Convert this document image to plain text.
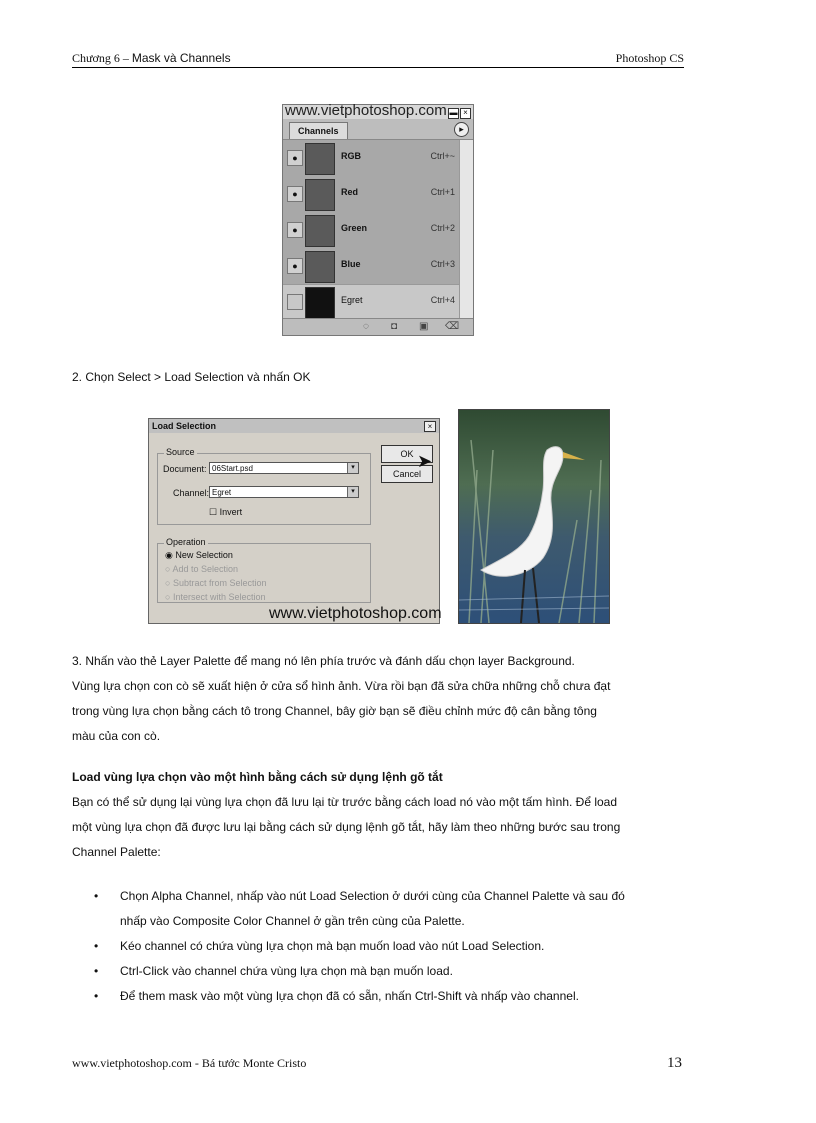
Chương 6 – Mask và Channels	Photoshop CS
www.vietphotoshop.com ▬ ×
Channels	▸
●	RGB	Ctrl+~
●	Red	Ctrl+1
●	Green	Ctrl+2
●	Blue	Ctrl+3
Egret	Ctrl+4
◌ ◘ ▣ ⌫
2. Chọn Select > Load Selection và nhấn OK
Load Selection	×
Source
Document: 06Start.psd	▾
Channel: Egret	▾
☐ Invert
Operation
◉ New Selection
○ Add to Selection
○ Subtract from Selection
○ Intersect with Selection
OK
Cancel
➤
www.vietphotoshop.com
3. Nhấn vào thẻ Layer Palette để mang nó lên phía trước và đánh dấu chọn layer Background.
Vùng lựa chọn con cò sẽ xuất hiện ở cửa sổ hình ảnh. Vừa rồi bạn đã sửa chữa những chỗ chưa đạt
trong vùng lựa chọn bằng cách tô trong Channel, bây giờ bạn sẽ điều chỉnh mức độ cân bằng tông
màu của con cò.
Load vùng lựa chọn vào một hình bằng cách sử dụng lệnh gõ tắt
Bạn có thể sử dụng lại vùng lựa chọn đã lưu lại từ trước bằng cách load nó vào một tấm hình. Để load
một vùng lựa chọn đã được lưu lại bằng cách sử dụng lệnh gõ tắt, hãy làm theo những bước sau trong
Channel Palette:
• Chọn Alpha Channel, nhấp vào nút Load Selection ở dưới cùng của Channel Palette và sau đó
nhấp vào Composite Color Channel ở gần trên cùng của Palette.
• Kéo channel có chứa vùng lựa chọn mà bạn muốn load vào nút Load Selection.
• Ctrl-Click vào channel chứa vùng lựa chọn mà bạn muốn load.
• Để them mask vào một vùng lựa chọn đã có sẵn, nhấn Ctrl-Shift và nhấp vào channel.
www.vietphotoshop.com - Bá tước Monte Cristo	13
